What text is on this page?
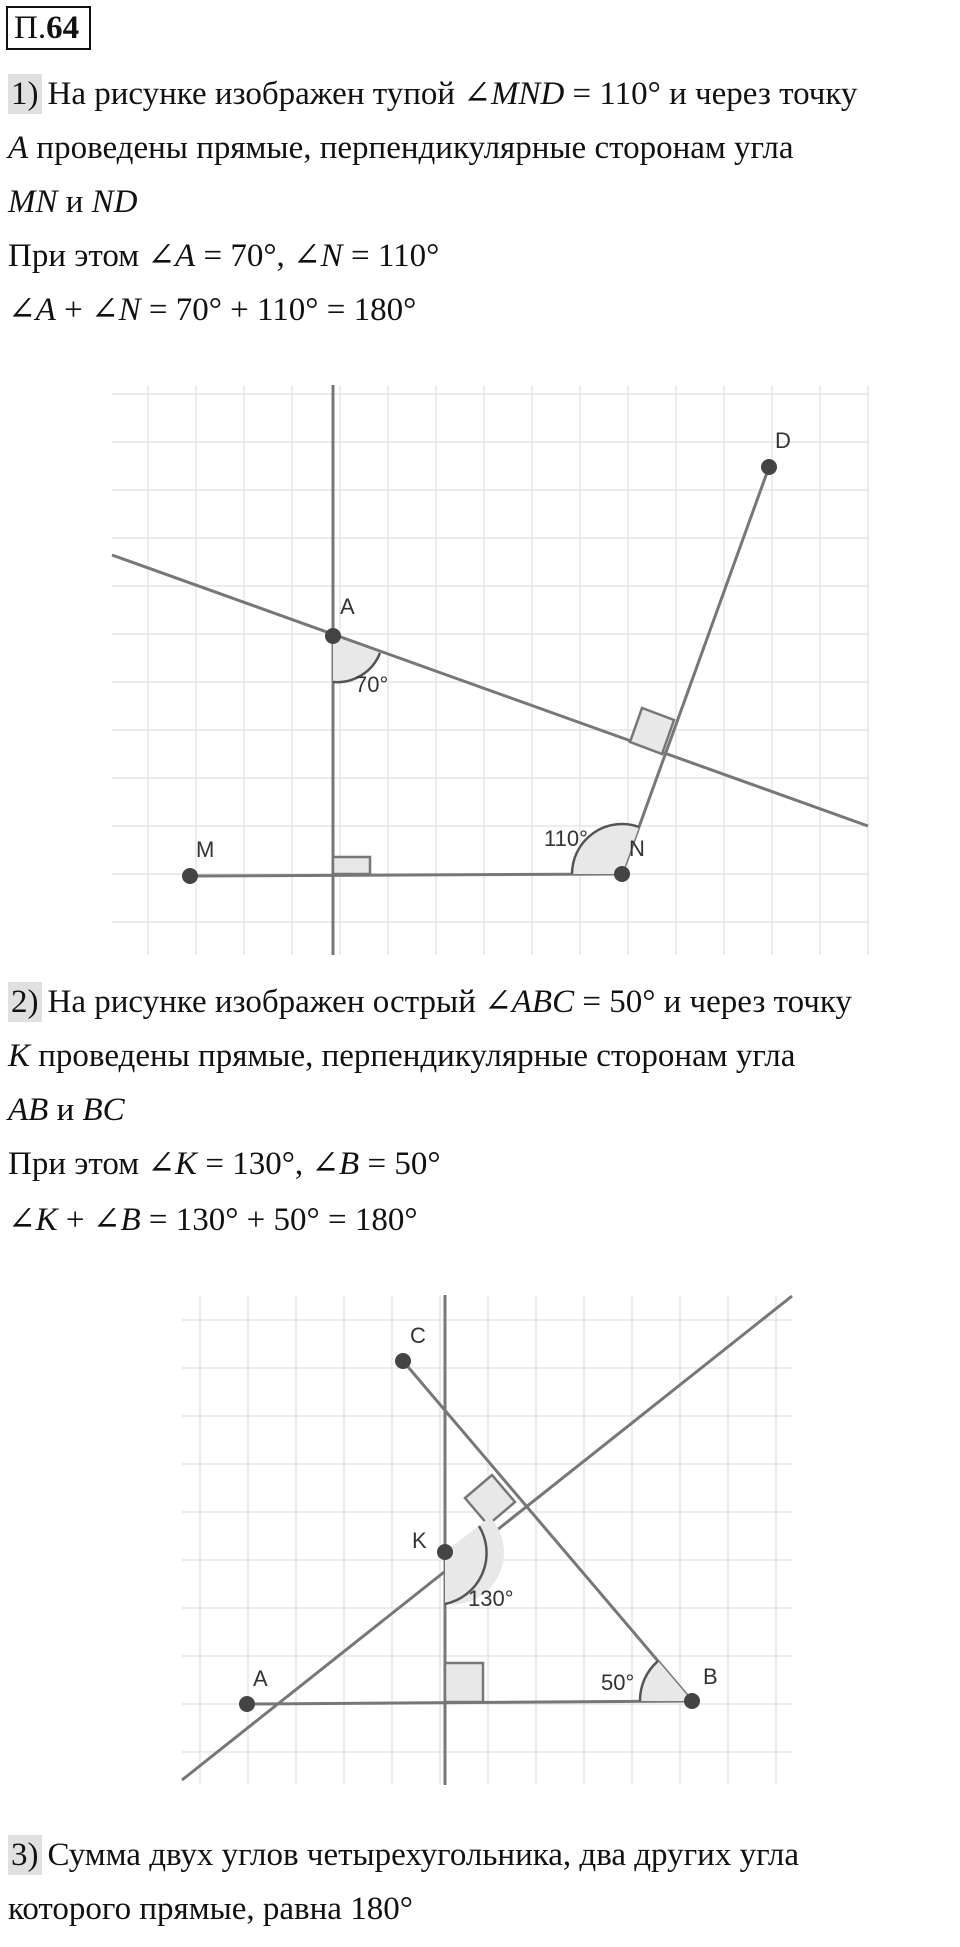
П.64
1) На рисунке изображен тупой ∠MND = 110° и через точку
A проведены прямые, перпендикулярные сторонам угла
MN и ND
При этом ∠A = 70°, ∠N = 110°
∠A + ∠N = 70° + 110° = 180°
A
D
M	N
70°
110°
2) На рисунке изображен острый ∠ABC = 50° и через точку
K проведены прямые, перпендикулярные сторонам угла
AB и BC
При этом ∠K = 130°, ∠B = 50°
∠K + ∠B = 130° + 50° = 180°
C
K
A	B
130°
50°
3) Сумма двух углов четырехугольника, два других угла
которого прямые, равна 180°
